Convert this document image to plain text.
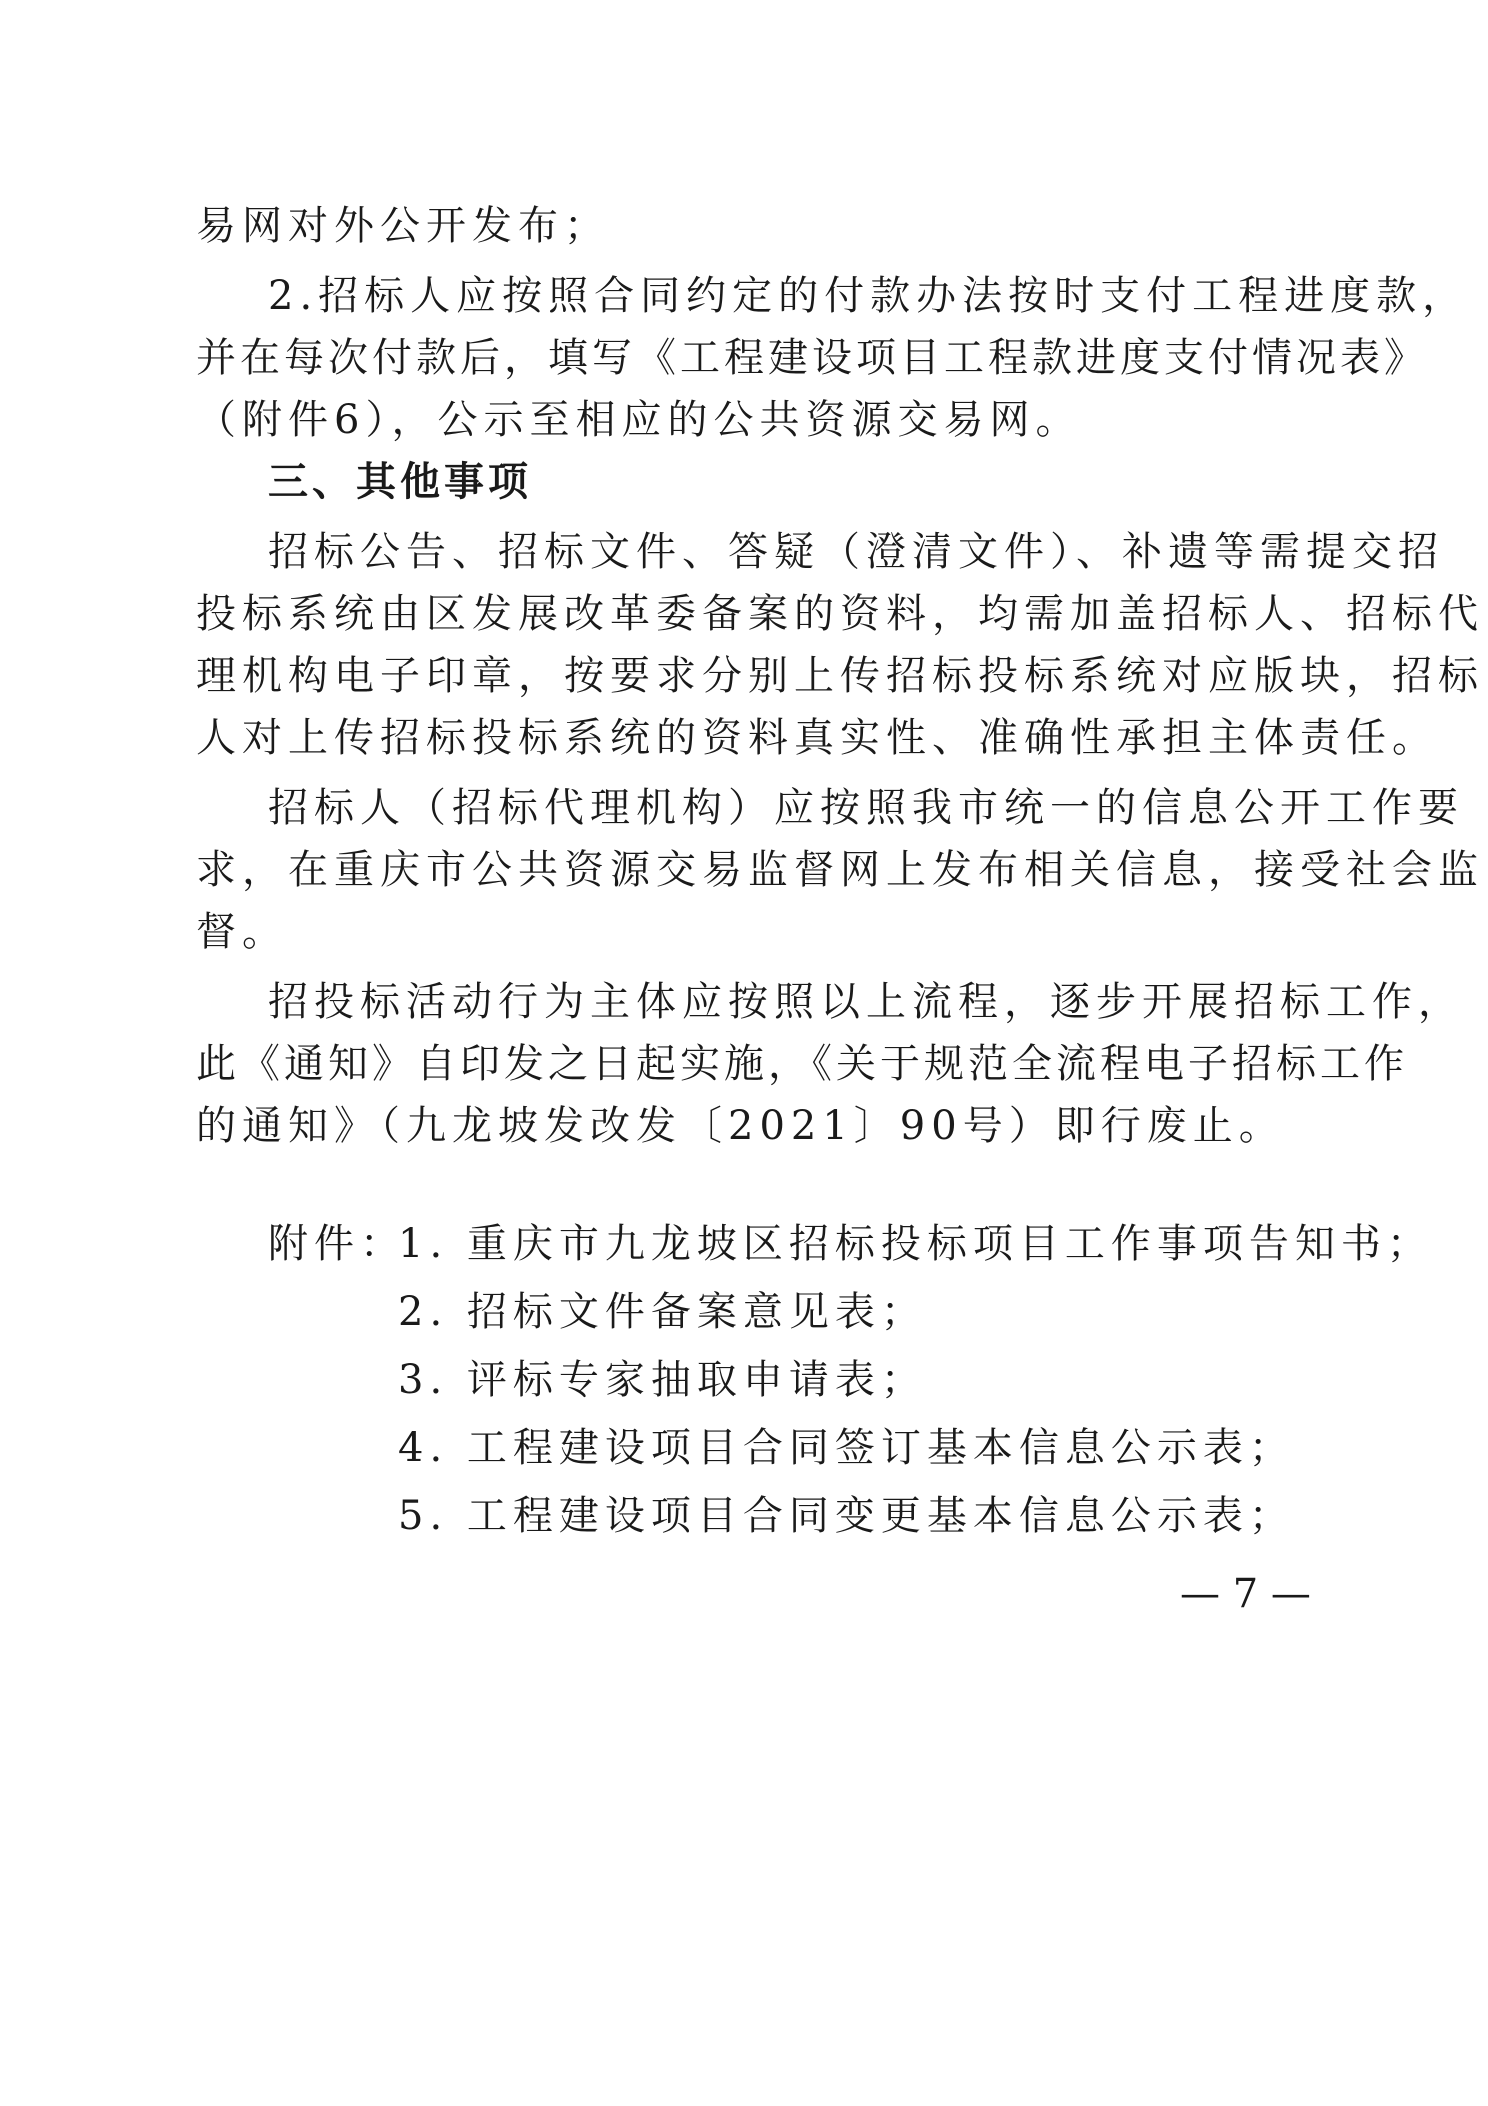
易网对外公开发布；
2.招标人应按照合同约定的付款办法按时支付工程进度款，
并在每次付款后，填写《工程建设项目工程款进度支付情况表》
（附件6），公示至相应的公共资源交易网。
三、其他事项
招标公告、招标文件、答疑（澄清文件）、补遗等需提交招
投标系统由区发展改革委备案的资料，均需加盖招标人、招标代
理机构电子印章，按要求分别上传招标投标系统对应版块，招标
人对上传招标投标系统的资料真实性、准确性承担主体责任。
招标人（招标代理机构）应按照我市统一的信息公开工作要
求，在重庆市公共资源交易监督网上发布相关信息，接受社会监
督。
招投标活动行为主体应按照以上流程，逐步开展招标工作，
此《通知》自印发之日起实施，《关于规范全流程电子招标工作
的通知》（九龙坡发改发〔2021〕90号）即行废止。
附件：
1. 重庆市九龙坡区招标投标项目工作事项告知书；
2. 招标文件备案意见表；
3. 评标专家抽取申请表；
4. 工程建设项目合同签订基本信息公示表；
5. 工程建设项目合同变更基本信息公示表；
— 7 —
